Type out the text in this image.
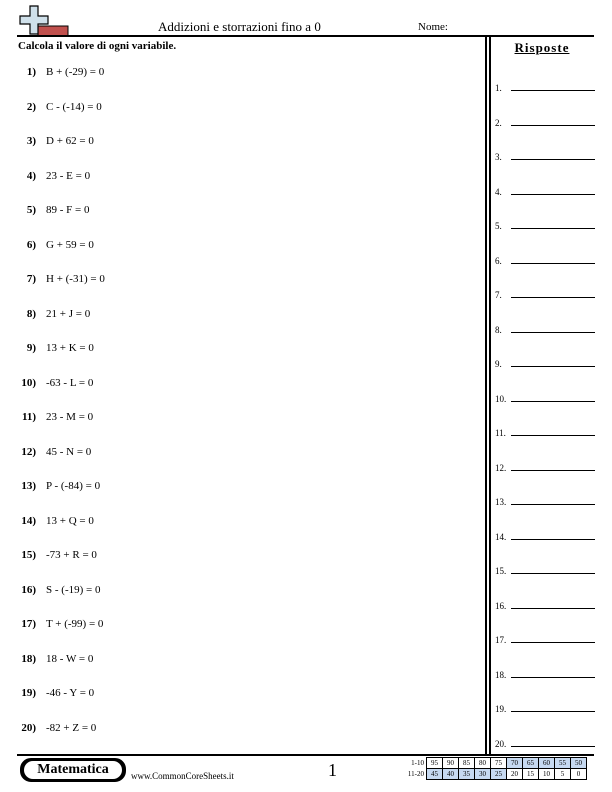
Addizioni e storrazioni fino a 0	Nome:
Calcola il valore di ogni variabile.	Risposte
1) B + (-29) = 0
2) C - (-14) = 0
3) D + 62 = 0
4) 23 - E = 0
5) 89 - F = 0
6) G + 59 = 0
7) H + (-31) = 0
8) 21 + J = 0
9) 13 + K = 0
10) -63 - L = 0
11) 23 - M = 0
12) 45 - N = 0
13) P - (-84) = 0
14) 13 + Q = 0
15) -73 + R = 0
16) S - (-19) = 0
17) T + (-99) = 0
18) 18 - W = 0
19) -46 - Y = 0
20) -82 + Z = 0
1.
2.
3.
4.
5.
6.
7.
8.
9.
10.
11.
12.
13.
14.
15.
16.
17.
18.
19.
20.
Matematica	www.CommonCoreSheets.it	1	1-10	95	90	85	80	75	70	65	60	55	50
11-20	45	40	35	30	25	20	15	10	5	0
